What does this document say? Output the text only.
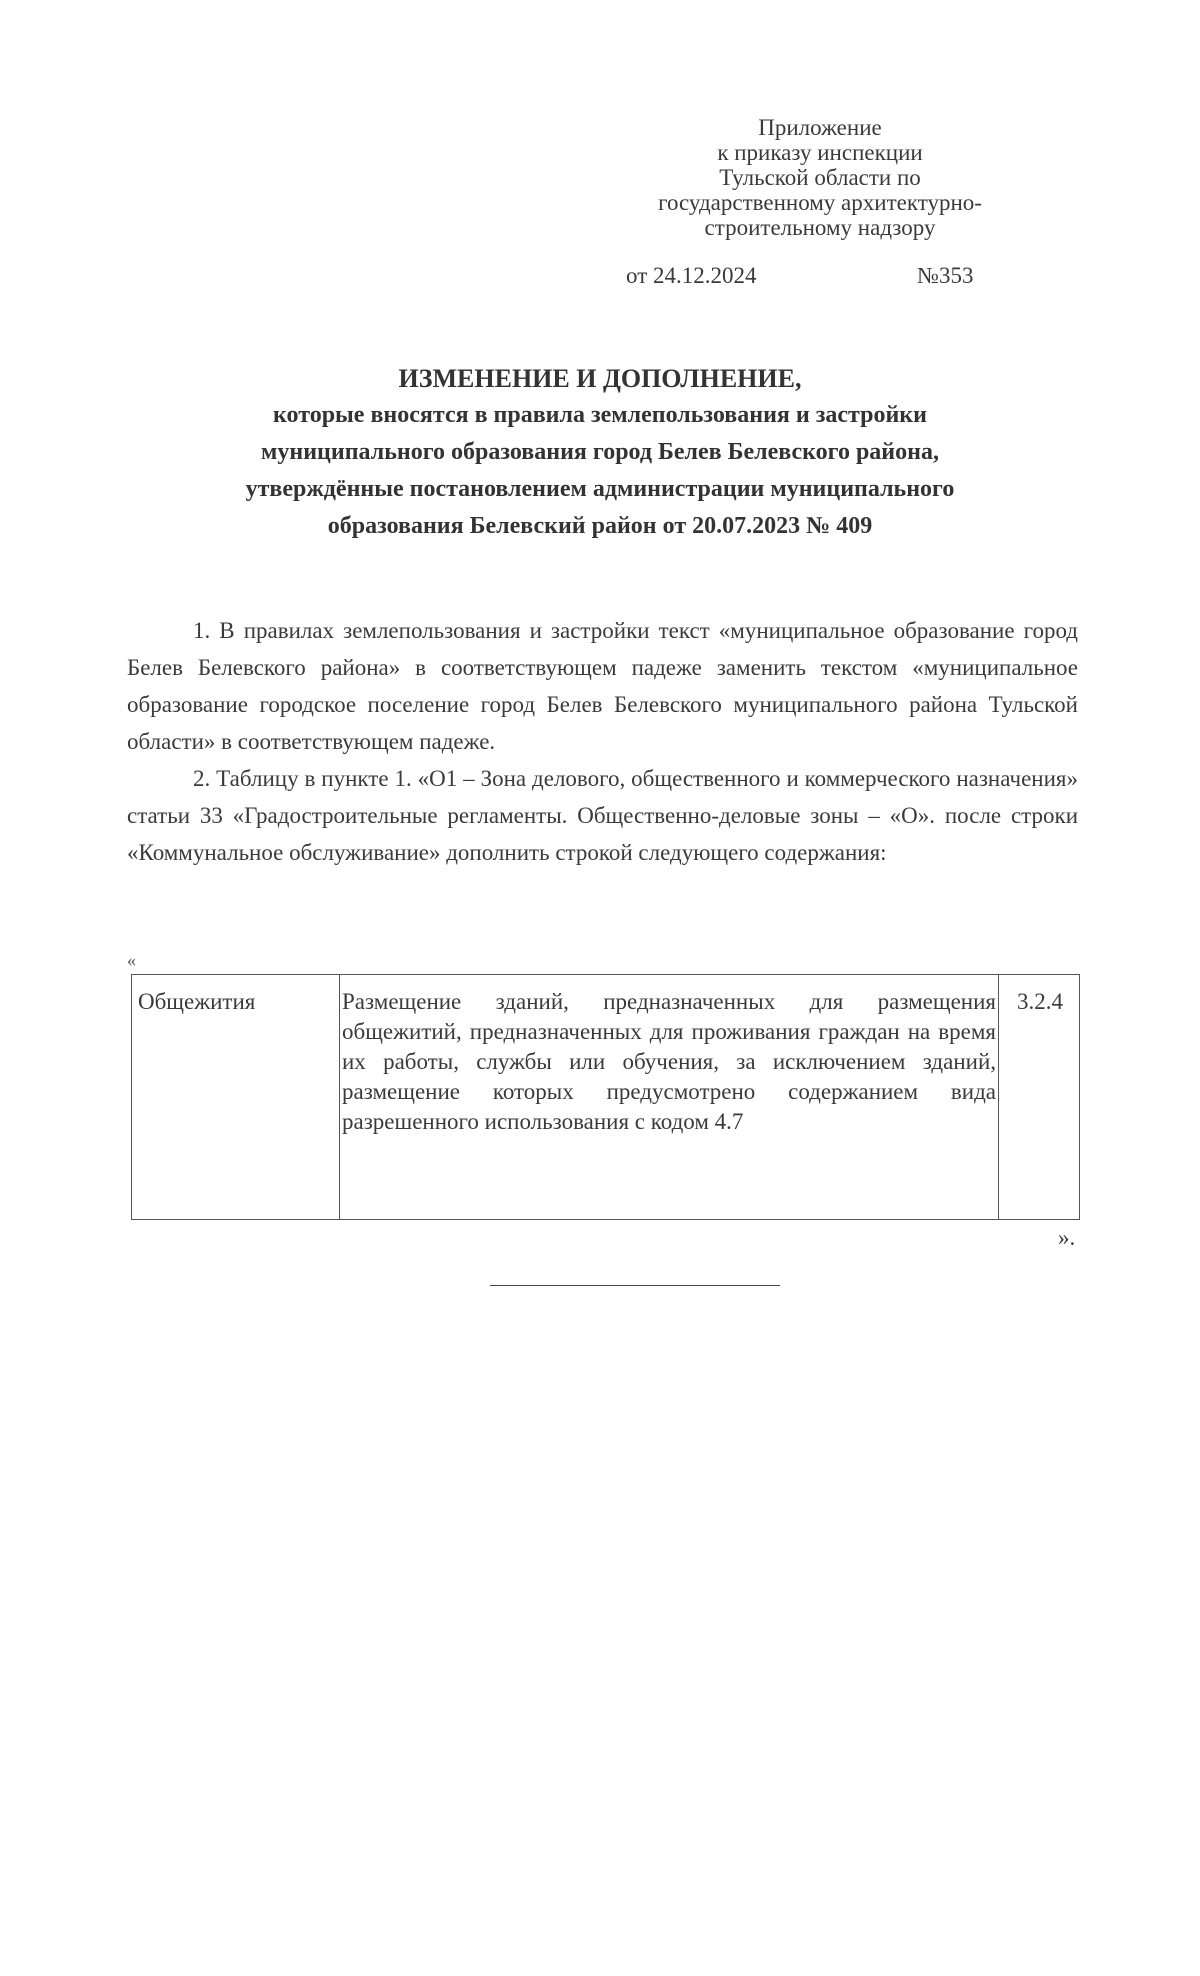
Приложение
к приказу инспекции
Тульской области по
государственному архитектурно-
строительному надзору
от 24.12.2024	№353
ИЗМЕНЕНИЕ И ДОПОЛНЕНИЕ,
которые вносятся в правила землепользования и застройки
муниципального образования город Белев Белевского района,
утверждённые постановлением администрации муниципального
образования Белевский район от 20.07.2023 № 409

1. В правилах землепользования и застройки текст «муниципальное образование город Белев Белевского района» в соответствующем падеже заменить текстом «муниципальное образование городское поселение город Белев Белевского муниципального района Тульской области» в соответствующем падеже.

2. Таблицу в пункте 1. «О1 – Зона делового, общественного и коммерческого назначения» статьи 33 «Градостроительные регламенты. Общественно-деловые зоны – «О». после строки «Коммунальное обслуживание» дополнить строкой следующего содержания:

«
Общежития	Размещение зданий, предназначенных для размещения общежитий, предназначенных для проживания граждан на время их работы, службы или обучения, за исключением зданий, размещение которых предусмотрено содержанием вида разрешенного использования с кодом 4.7	3.2.4
».
